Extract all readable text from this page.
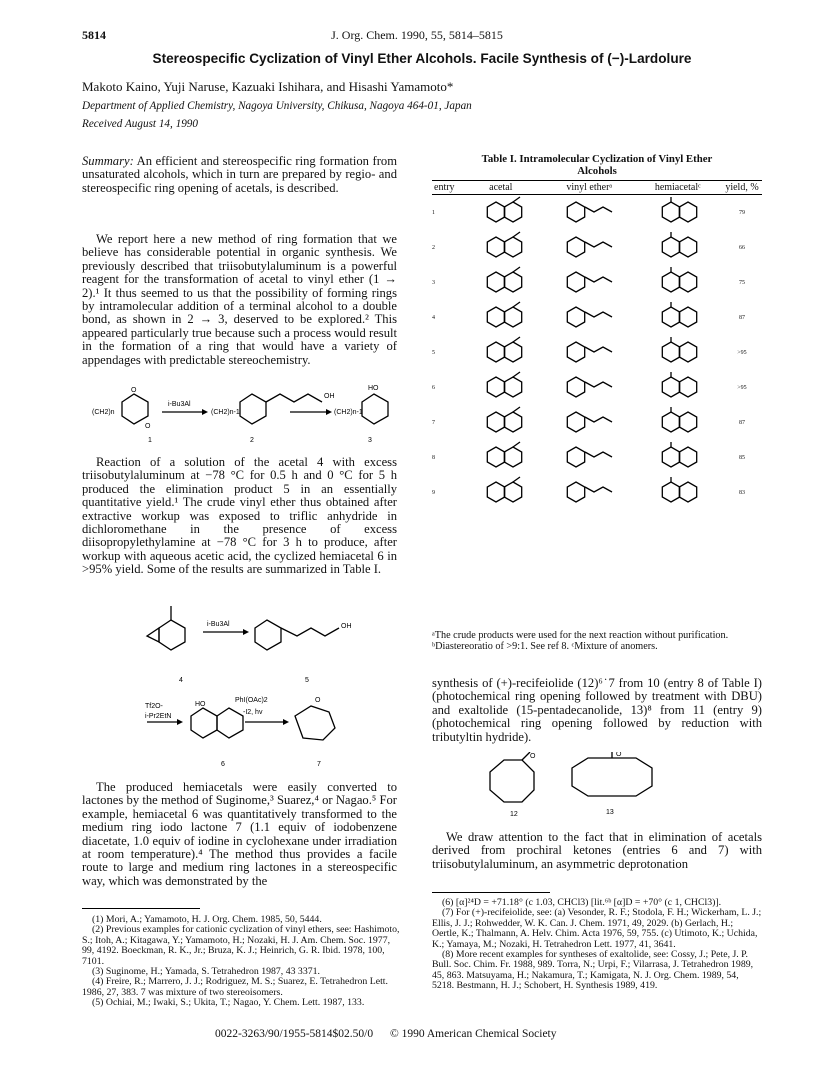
5814	J. Org. Chem. 1990, 55, 5814–5815
Stereospecific Cyclization of Vinyl Ether Alcohols. Facile Synthesis of (−)-Lardolure
Makoto Kaino, Yuji Naruse, Kazuaki Ishihara, and Hisashi Yamamoto*
Department of Applied Chemistry, Nagoya University, Chikusa, Nagoya 464-01, Japan
Received August 14, 1990
Summary: An efficient and stereospecific ring formation from unsaturated alcohols, which in turn are prepared by regio- and stereospecific ring opening of acetals, is described.
We report here a new method of ring formation that we believe has considerable potential in organic synthesis. We previously described that triisobutylaluminum is a powerful reagent for the transformation of acetal to vinyl ether (1 → 2).¹ It thus seemed to us that the possibility of forming rings by intramolecular addition of a terminal alcohol to a double bond, as shown in 2 → 3, deserved to be explored.² This appeared particularly true because such a process would result in the formation of a ring that would have a variety of appendages with predictable stereochemistry.
(CH2)n
O
O
i-Bu3Al
(CH2)n-1
OH
(CH2)n-1
HO
1	2	3
Reaction of a solution of the acetal 4 with excess triisobutylaluminum at −78 °C for 0.5 h and 0 °C for 5 h produced the elimination product 5 in an essentially quantitative yield.¹ The crude vinyl ether thus obtained after extractive workup was exposed to triflic anhydride in dichloromethane in the presence of excess diisopropylethylamine at −78 °C for 3 h to produce, after workup with aqueous acetic acid, the cyclized hemiacetal 6 in >95% yield. Some of the results are summarized in Table I.
i-Bu3Al	OH
4	5
Tf2O-
i-Pr2EtN
HO
PhI(OAc)2
-I2, hv
O
6	7
The produced hemiacetals were easily converted to lactones by the method of Suginome,³ Suarez,⁴ or Nagao.⁵ For example, hemiacetal 6 was quantitatively transformed to the medium ring iodo lactone 7 (1.1 equiv of iodobenzene diacetate, 1.0 equiv of iodine in cyclohexane under irradiation at room temperature).⁴ The method thus provides a facile route to large and medium ring lactones in a stereospecific way, which was demonstrated by the

(1) Mori, A.; Yamamoto, H. J. Org. Chem. 1985, 50, 5444.

(2) Previous examples for cationic cyclization of vinyl ethers, see: Hashimoto, S.; Itoh, A.; Kitagawa, Y.; Yamamoto, H.; Nozaki, H. J. Am. Chem. Soc. 1977, 99, 4192. Boeckman, R. K., Jr.; Bruza, K. J.; Heinrich, G. R. Ibid. 1978, 100, 7101.

(3) Suginome, H.; Yamada, S. Tetrahedron 1987, 43 3371.

(4) Freire, R.; Marrero, J. J.; Rodriguez, M. S.; Suarez, E. Tetrahedron Lett. 1986, 27, 383. 7 was mixture of two stereoisomers.

(5) Ochiai, M.; Iwaki, S.; Ukita, T.; Nagao, Y. Chem. Lett. 1987, 133.

Table I. Intramolecular Cyclization of Vinyl Ether
Alcohols
entry	acetal	vinyl etherᵃ	hemiacetalᶜ	yield, %
1				79
2				66
3				75
4				87
5				>95
6				>95
7				87
8				85
9				83
ᵃThe crude products were used for the next reaction without purification. ᵇDiastereoratio of >9:1. See ref 8. ᶜMixture of anomers.
synthesis of (+)-recifeiolide (12)⁶˙7 from 10 (entry 8 of Table I) (photochemical ring opening followed by treatment with DBU) and exaltolide (15-pentadecanolide, 13)⁸ from 11 (entry 9) (photochemical ring opening followed by reduction with tributyltin hydride).
O	O
12	13
We draw attention to the fact that in elimination of acetals derived from prochiral ketones (entries 6 and 7) with triisobutylaluminum, an asymmetric deprotonation

(6) [α]²⁴D = +71.18° (c 1.03, CHCl3) [lit.⁶ᵇ [α]D = +70° (c 1, CHCl3)].

(7) For (+)-recifeiolide, see: (a) Vesonder, R. F.; Stodola, F. H.; Wickerham, L. J.; Ellis, J. J.; Rohwedder, W. K. Can. J. Chem. 1971, 49, 2029. (b) Gerlach, H.; Oertle, K.; Thalmann, A. Helv. Chim. Acta 1976, 59, 755. (c) Utimoto, K.; Uchida, K.; Yamaya, M.; Nozaki, H. Tetrahedron Lett. 1977, 41, 3641.

(8) More recent examples for syntheses of exaltolide, see: Cossy, J.; Pete, J. P. Bull. Soc. Chim. Fr. 1988, 989. Torra, N.; Urpi, F.; Vilarrasa, J. Tetrahedron 1989, 45, 863. Matsuyama, H.; Nakamura, T.; Kamigata, N. J. Org. Chem. 1989, 54, 5218. Bestmann, H. J.; Schobert, H. Synthesis 1989, 419.

0022-3263/90/1955-5814$02.50/0 © 1990 American Chemical Society
